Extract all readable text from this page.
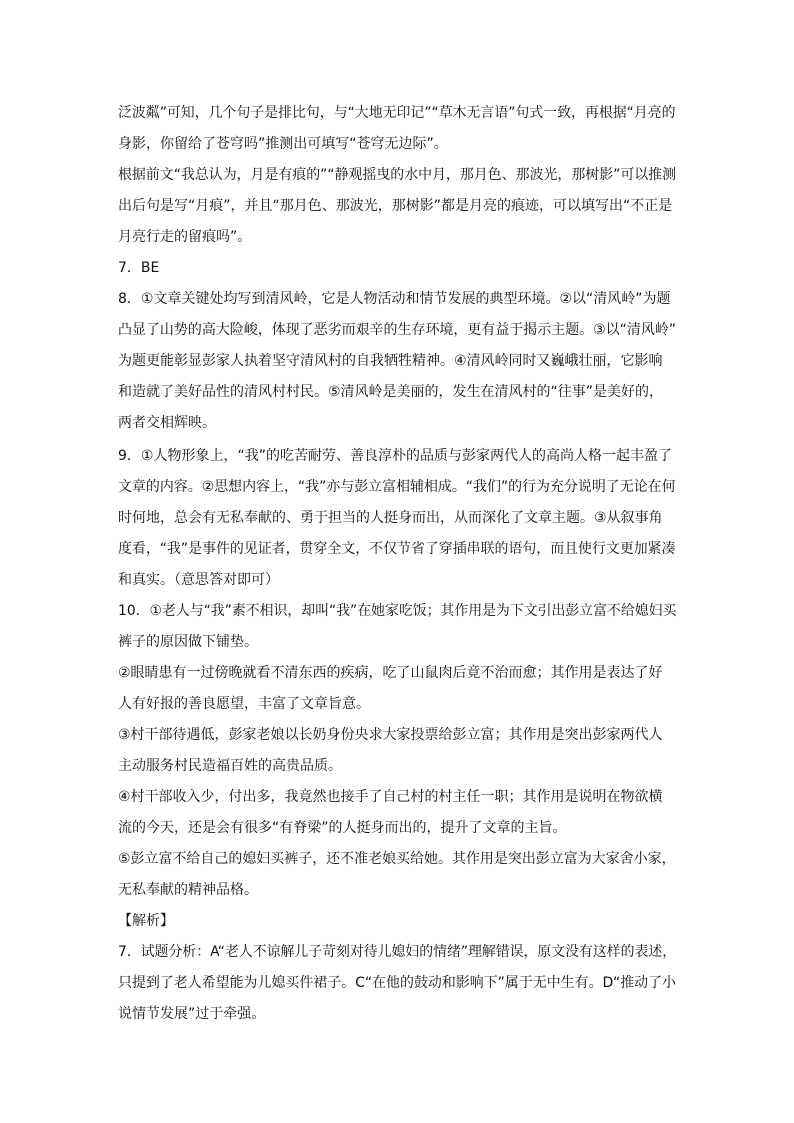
泛波粼”可知，几个句子是排比句，与“大地无印记”“草木无言语”句式一致，再根据“月亮的
身影，你留给了苍穹吗”推测出可填写“苍穹无边际”。
根据前文“我总认为，月是有痕的”“静观摇曳的水中月，那月色、那波光，那树影”可以推测
出后句是写“月痕”，并且“那月色、那波光，那树影”都是月亮的痕迹，可以填写出“不正是
月亮行走的留痕吗”。
7．BE
8．①文章关键处均写到清风岭，它是人物活动和情节发展的典型环境。②以“清风岭”为题
凸显了山势的高大险峻，体现了恶劣而艰辛的生存环境，更有益于揭示主题。③以“清风岭”
为题更能彰显彭家人执着坚守清风村的自我牺牲精神。④清风岭同时又巍峨壮丽，它影响
和造就了美好品性的清风村村民。⑤清风岭是美丽的，发生在清风村的“往事”是美好的，
两者交相辉映。
9．①人物形象上，“我”的吃苦耐劳、善良淳朴的品质与彭家两代人的高尚人格一起丰盈了
文章的内容。②思想内容上，“我”亦与彭立富相辅相成。“我们”的行为充分说明了无论在何
时何地，总会有无私奉献的、勇于担当的人挺身而出，从而深化了文章主题。③从叙事角
度看，“我”是事件的见证者，贯穿全文，不仅节省了穿插串联的语句，而且使行文更加紧凑
和真实。（意思答对即可）
10．①老人与“我”素不相识，却叫“我”在她家吃饭；其作用是为下文引出彭立富不给媳妇买
裤子的原因做下铺垫。
②眼睛患有一过傍晚就看不清东西的疾病，吃了山鼠肉后竟不治而愈；其作用是表达了好
人有好报的善良愿望，丰富了文章旨意。
③村干部待遇低，彭家老娘以长奶身份央求大家投票给彭立富；其作用是突出彭家两代人
主动服务村民造福百姓的高贵品质。
④村干部收入少，付出多，我竟然也接手了自己村的村主任一职；其作用是说明在物欲横
流的今天，还是会有很多“有脊梁”的人挺身而出的，提升了文章的主旨。
⑤彭立富不给自己的媳妇买裤子，还不准老娘买给她。其作用是突出彭立富为大家舍小家，
无私奉献的精神品格。
【解析】
7．试题分析：A“老人不谅解儿子苛刻对待儿媳妇的情绪”理解错误，原文没有这样的表述，
只提到了老人希望能为儿媳买件裙子。C“在他的鼓动和影响下”属于无中生有。D“推动了小
说情节发展”过于牵强。
